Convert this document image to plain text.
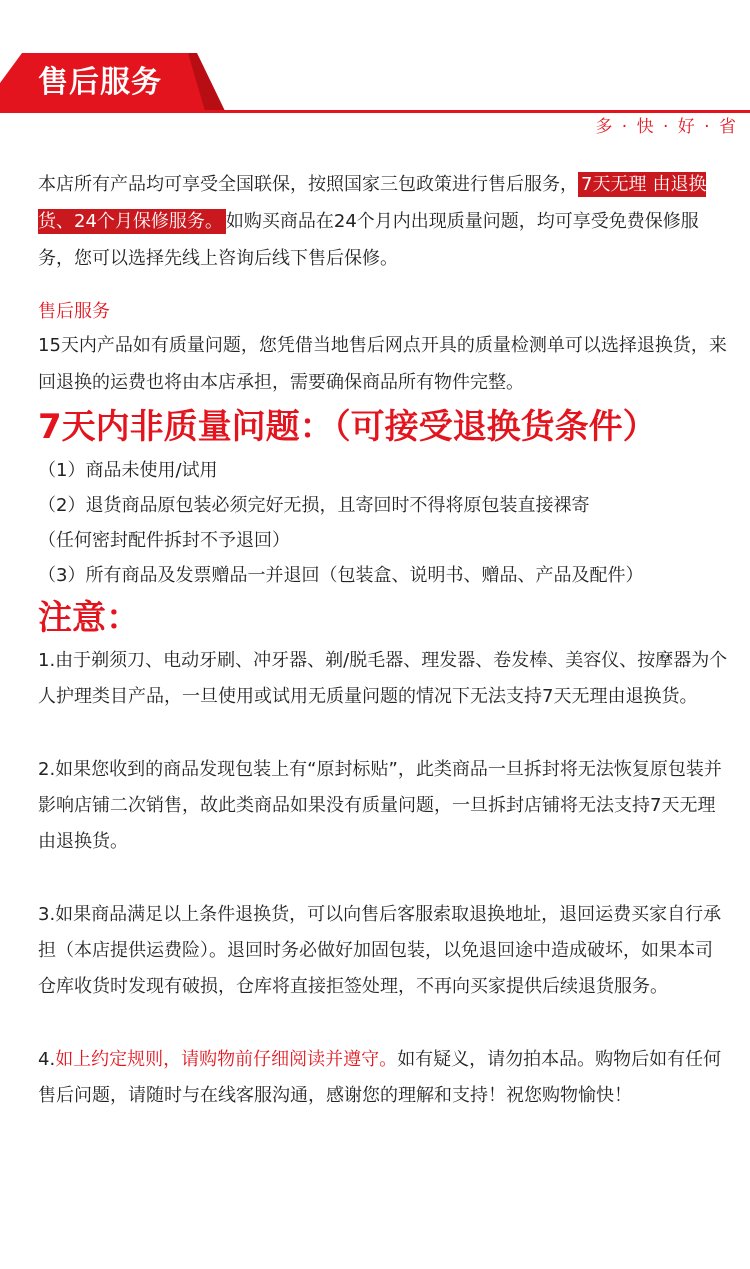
售后服务
多 · 快 · 好 · 省

本店所有产品均可享受全国联保，按照国家三包政策进行售后服务， 7天无理 由退换货、24个月保修服务。 如购买商品在24个月内出现质量问题，均可享受免费保修服务，您可以选择先线上咨询后线下售后保修。

售后服务

15天内产品如有质量问题，您凭借当地售后网点开具的质量检测单可以选择退换货，来回退换的运费也将由本店承担，需要确保商品所有物件完整。

7天内非质量问题：（可接受退换货条件）

（1）商品未使用/试用

（2）退货商品原包装必须完好无损，且寄回时不得将原包装直接裸寄

（任何密封配件拆封不予退回）

（3）所有商品及发票赠品一并退回（包装盒、说明书、赠品、产品及配件）

注意：

1.由于剃须刀、电动牙刷、冲牙器、剃/脱毛器、理发器、卷发棒、美容仪、按摩器为个人护理类目产品，一旦使用或试用无质量问题的情况下无法支持7天无理由退换货。

2.如果您收到的商品发现包装上有“原封标贴”，此类商品一旦拆封将无法恢复原包装并影响店铺二次销售，故此类商品如果没有质量问题，一旦拆封店铺将无法支持7天无理由退换货。

3.如果商品满足以上条件退换货，可以向售后客服索取退换地址，退回运费买家自行承担（本店提供运费险）。退回时务必做好加固包装，以免退回途中造成破坏，如果本司仓库收货时发现有破损，仓库将直接拒签处理，不再向买家提供后续退货服务。

4.如上约定规则，请购物前仔细阅读并遵守。如有疑义，请勿拍本品。购物后如有任何售后问题，请随时与在线客服沟通，感谢您的理解和支持！祝您购物愉快！
